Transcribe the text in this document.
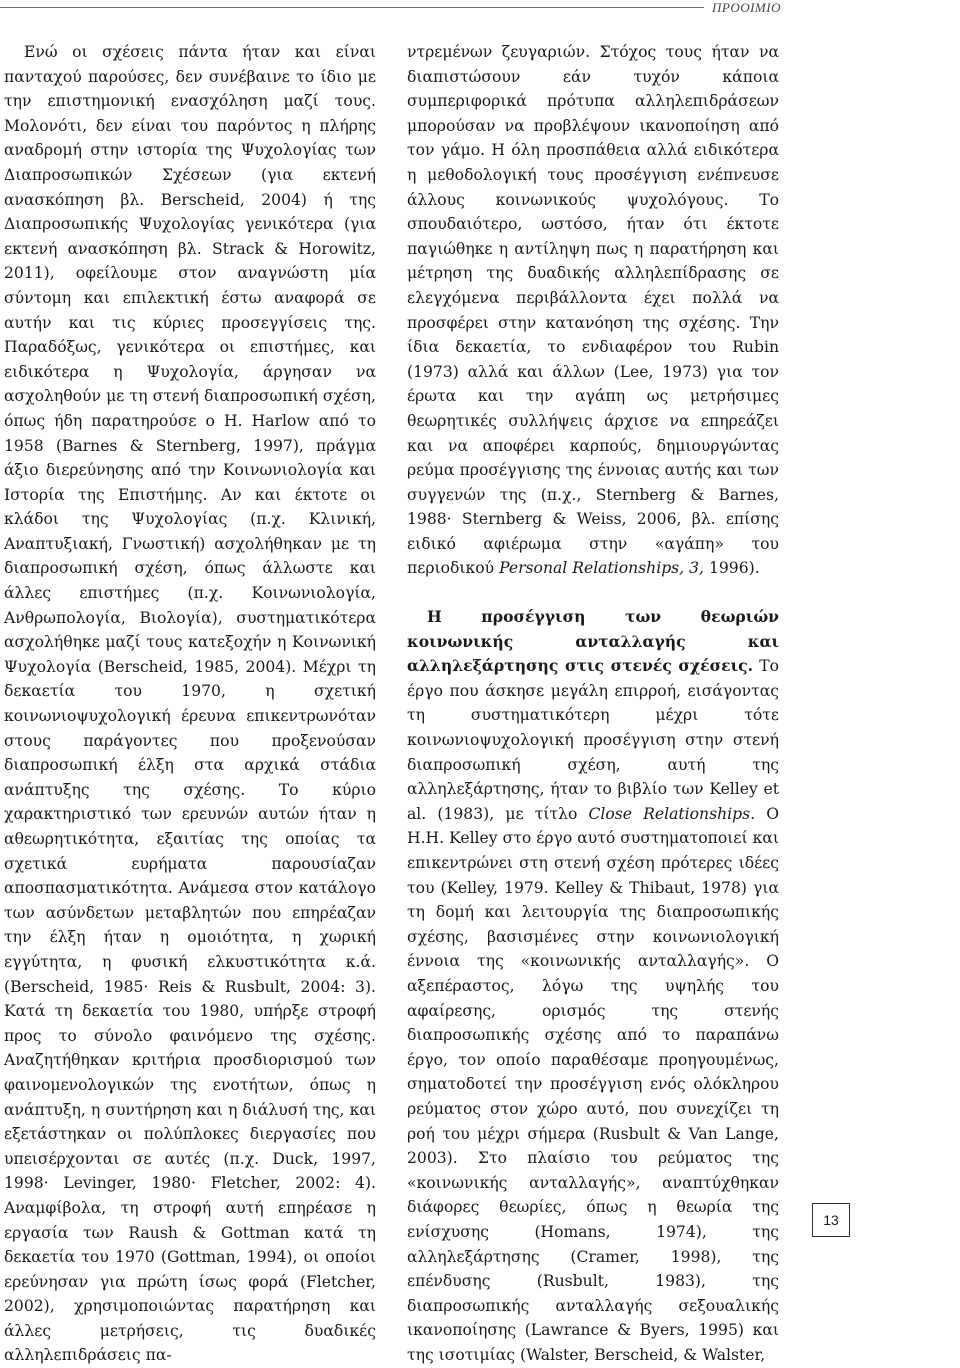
ΠΡΟΟΙΜΙΟ

Ενώ οι σχέσεις πάντα ήταν και είναι πανταχού παρούσες, δεν συνέβαινε το ίδιο με την επιστημονική ενασχόληση μαζί τους. Μολονότι, δεν είναι του παρόντος η πλήρης αναδρομή στην ιστορία της Ψυχολογίας των Διαπροσωπικών Σχέσεων (για εκτενή ανασκόπηση βλ. Berscheid, 2004) ή της Διαπροσωπικής Ψυχολογίας γενικότερα (για εκτενή ανασκόπηση βλ. Strack & Horowitz, 2011), οφείλουμε στον αναγνώστη μία σύντομη και επιλεκτική έστω αναφορά σε αυτήν και τις κύριες προσεγγίσεις της. Παραδόξως, γενικότερα οι επιστήμες, και ειδικότερα η Ψυχολογία, άργησαν να ασχοληθούν με τη στενή διαπροσωπική σχέση, όπως ήδη παρατηρούσε ο Η. Harlow από το 1958 (Barnes & Sternberg, 1997), πράγμα άξιο διερεύνησης από την Κοινωνιολογία και Ιστορία της Επιστήμης. Αν και έκτοτε οι κλάδοι της Ψυχολογίας (π.χ. Κλινική, Αναπτυξιακή, Γνωστική) ασχολήθηκαν με τη διαπροσωπική σχέση, όπως άλλωστε και άλλες επιστήμες (π.χ. Κοινωνιολογία, Ανθρωπολογία, Βιολογία), συστηματικότερα ασχολήθηκε μαζί τους κατεξοχήν η Κοινωνική Ψυχολογία (Berscheid, 1985, 2004). Μέχρι τη δεκαετία του 1970, η σχετική κοινωνιοψυχολογική έρευνα επικεντρωνόταν στους παράγοντες που προξενούσαν διαπροσωπική έλξη στα αρχικά στάδια ανάπτυξης της σχέσης. Το κύριο χαρακτηριστικό των ερευνών αυτών ήταν η αθεωρητικότητα, εξαιτίας της οποίας τα σχετικά ευρήματα παρουσίαζαν αποσπασματικότητα. Ανάμεσα στον κατάλογο των ασύνδετων μεταβλητών που επηρέαζαν την έλξη ήταν η ομοιότητα, η χωρική εγγύτητα, η φυσική ελκυστικότητα κ.ά. (Berscheid, 1985· Reis & Rusbult, 2004: 3). Κατά τη δεκαετία του 1980, υπήρξε στροφή προς το σύνολο φαινόμενο της σχέσης. Αναζητήθηκαν κριτήρια προσδιορισμού των φαινομενολογικών της ενοτήτων, όπως η ανάπτυξη, η συντήρηση και η διάλυσή της, και εξετάστηκαν οι πολύπλοκες διεργασίες που υπεισέρχονται σε αυτές (π.χ. Duck, 1997, 1998· Levinger, 1980· Fletcher, 2002: 4). Αναμφίβολα, τη στροφή αυτή επηρέασε η εργασία των Raush & Gottman κατά τη δεκαετία του 1970 (Gottman, 1994), οι οποίοι ερεύνησαν για πρώτη ίσως φορά (Fletcher, 2002), χρησιμοποιώντας παρατήρηση και άλλες μετρήσεις, τις δυαδικές αλληλεπιδράσεις πα-

ντρεμένων ζευγαριών. Στόχος τους ήταν να διαπιστώσουν εάν τυχόν κάποια συμπεριφορικά πρότυπα αλληλεπιδράσεων μπορούσαν να προβλέψουν ικανοποίηση από τον γάμο. Η όλη προσπάθεια αλλά ειδικότερα η μεθοδολογική τους προσέγγιση ενέπνευσε άλλους κοινωνικούς ψυχολόγους. Το σπουδαιότερο, ωστόσο, ήταν ότι έκτοτε παγιώθηκε η αντίληψη πως η παρατήρηση και μέτρηση της δυαδικής αλληλεπίδρασης σε ελεγχόμενα περιβάλλοντα έχει πολλά να προσφέρει στην κατανόηση της σχέσης. Την ίδια δεκαετία, το ενδιαφέρον του Rubin (1973) αλλά και άλλων (Lee, 1973) για τον έρωτα και την αγάπη ως μετρήσιμες θεωρητικές συλλήψεις άρχισε να επηρεάζει και να αποφέρει καρπούς, δημιουργώντας ρεύμα προσέγγισης της έννοιας αυτής και των συγγενών της (π.χ., Sternberg & Barnes, 1988· Sternberg & Weiss, 2006, βλ. επίσης ειδικό αφιέρωμα στην «αγάπη» του περιοδικού Personal Relationships, 3, 1996).

Η προσέγγιση των θεωριών κοινωνικής ανταλλαγής και αλληλεξάρτησης στις στενές σχέσεις. Το έργο που άσκησε μεγάλη επιρροή, εισάγοντας τη συστηματικότερη μέχρι τότε κοινωνιοψυχολογική προσέγγιση στην στενή διαπροσωπική σχέση, αυτή της αλληλεξάρτησης, ήταν το βιβλίο των Kelley et al. (1983), με τίτλο Close Relationships. O H.H. Kelley στο έργο αυτό συστηματοποιεί και επικεντρώνει στη στενή σχέση πρότερες ιδέες του (Kelley, 1979. Kelley & Thibaut, 1978) για τη δομή και λειτουργία της διαπροσωπικής σχέσης, βασισμένες στην κοινωνιολογική έννοια της «κοινωνικής ανταλλαγής». Ο αξεπέραστος, λόγω της υψηλής του αφαίρεσης, ορισμός της στενής διαπροσωπικής σχέσης από το παραπάνω έργο, τον οποίο παραθέσαμε προηγουμένως, σηματοδοτεί την προσέγγιση ενός ολόκληρου ρεύματος στον χώρο αυτό, που συνεχίζει τη ροή του μέχρι σήμερα (Rusbult & Van Lange, 2003). Στο πλαίσιο του ρεύματος της «κοινωνικής ανταλλαγής», αναπτύχθηκαν διάφορες θεωρίες, όπως η θεωρία της ενίσχυσης (Homans, 1974), της αλληλεξάρτησης (Cramer, 1998), της επένδυσης (Rusbult, 1983), της διαπροσωπικής ανταλλαγής σεξουαλικής ικανοποίησης (Lawrance & Byers, 1995) και της ισοτιμίας (Walster, Berscheid, & Walster,

13
